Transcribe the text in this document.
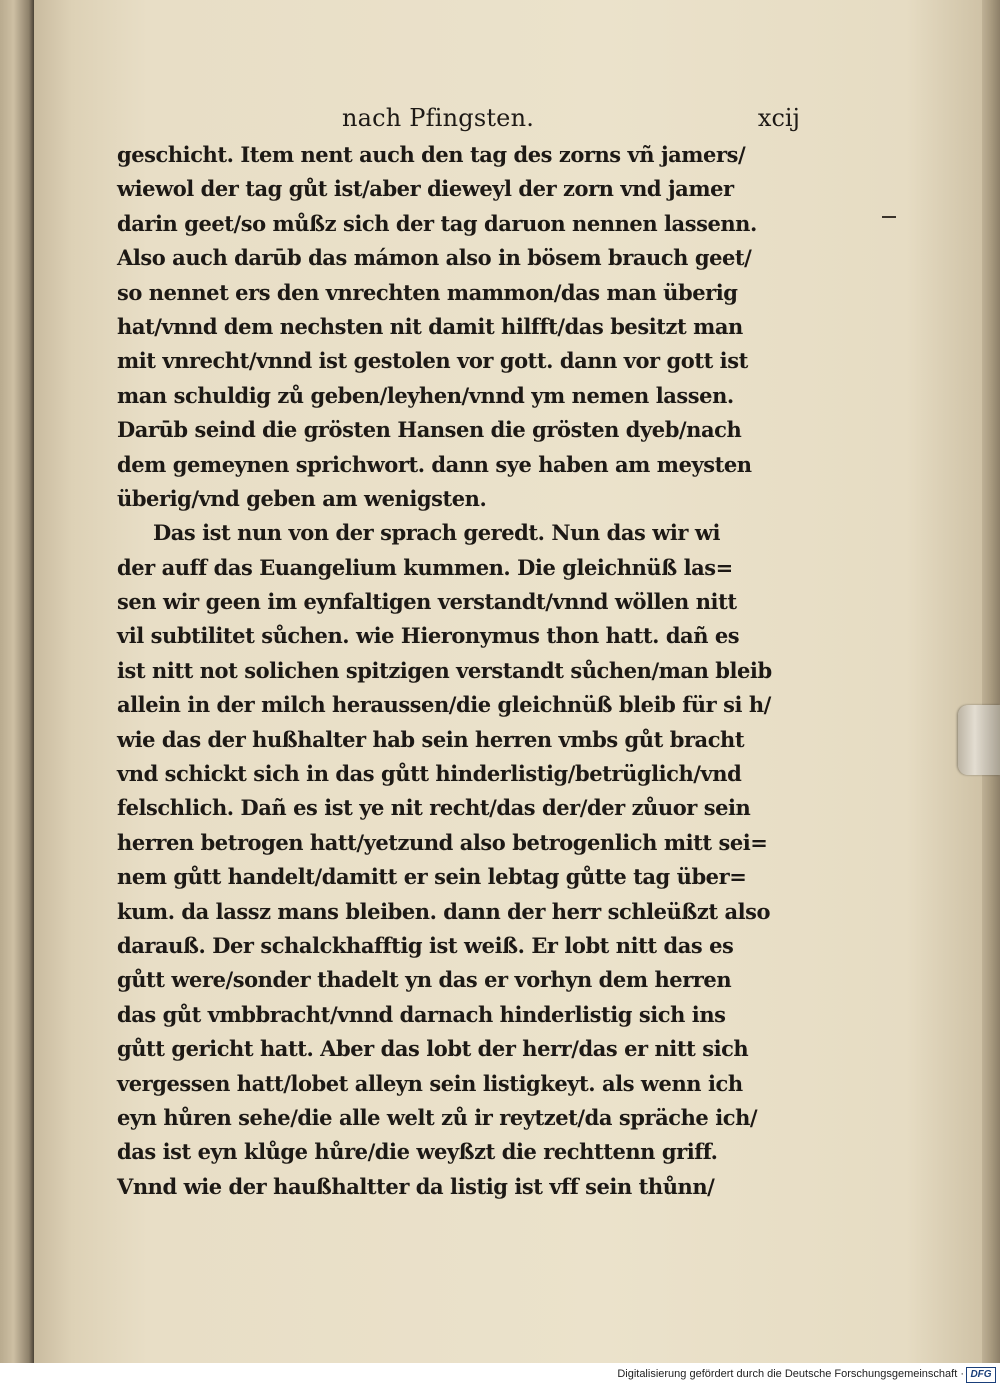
nach Pfingsten.	xcij
geschicht. Item nent auch den tag des zorns vñ jamers/
wiewol der tag gůt ist/aber dieweyl der zorn vnd jamer
darin geet/so můßz sich der tag daruon nennen lassenn.
Also auch darūb das mámon also in bösem brauch geet/
so nennet ers den vnrechten mammon/das man überig
hat/vnnd dem nechsten nit damit hilfft/das besitzt man
mit vnrecht/vnnd ist gestolen vor gott. dann vor gott ist
man schuldig zů geben/leyhen/vnnd ym nemen lassen.
Darūb seind die grösten Hansen die grösten dyeb/nach
dem gemeynen sprichwort. dann sye haben am meysten
überig/vnd geben am wenigsten.
Das ist nun von der sprach geredt. Nun das wir wi
der auff das Euangelium kummen. Die gleichnüß las=
sen wir geen im eynfaltigen verstandt/vnnd wöllen nitt
vil subtilitet sůchen. wie Hieronymus thon hatt. dañ es
ist nitt not solichen spitzigen verstandt sůchen/man bleib
allein in der milch heraussen/die gleichnüß bleib für si h/
wie das der hußhalter hab sein herren vmbs gůt bracht
vnd schickt sich in das gůtt hinderlistig/betrüglich/vnd
felschlich. Dañ es ist ye nit recht/das der/der zůuor sein
herren betrogen hatt/yetzund also betrogenlich mitt sei=
nem gůtt handelt/damitt er sein lebtag gůtte tag über=
kum. da lassz mans bleiben. dann der herr schleüßzt also
darauß. Der schalckhafftig ist weiß. Er lobt nitt das es
gůtt were/sonder thadelt yn das er vorhyn dem herren
das gůt vmbbracht/vnnd darnach hinderlistig sich ins
gůtt gericht hatt. Aber das lobt der herr/das er nitt sich
vergessen hatt/lobet alleyn sein listigkeyt. als wenn ich
eyn hůren sehe/die alle welt zů ir reytzet/da spräche ich/
das ist eyn klůge hůre/die weyßzt die rechttenn griff.
Vnnd wie der haußhaltter da listig ist vff sein thůnn/
Digitalisierung gefördert durch die Deutsche Forschungsgemeinschaft · DFG
